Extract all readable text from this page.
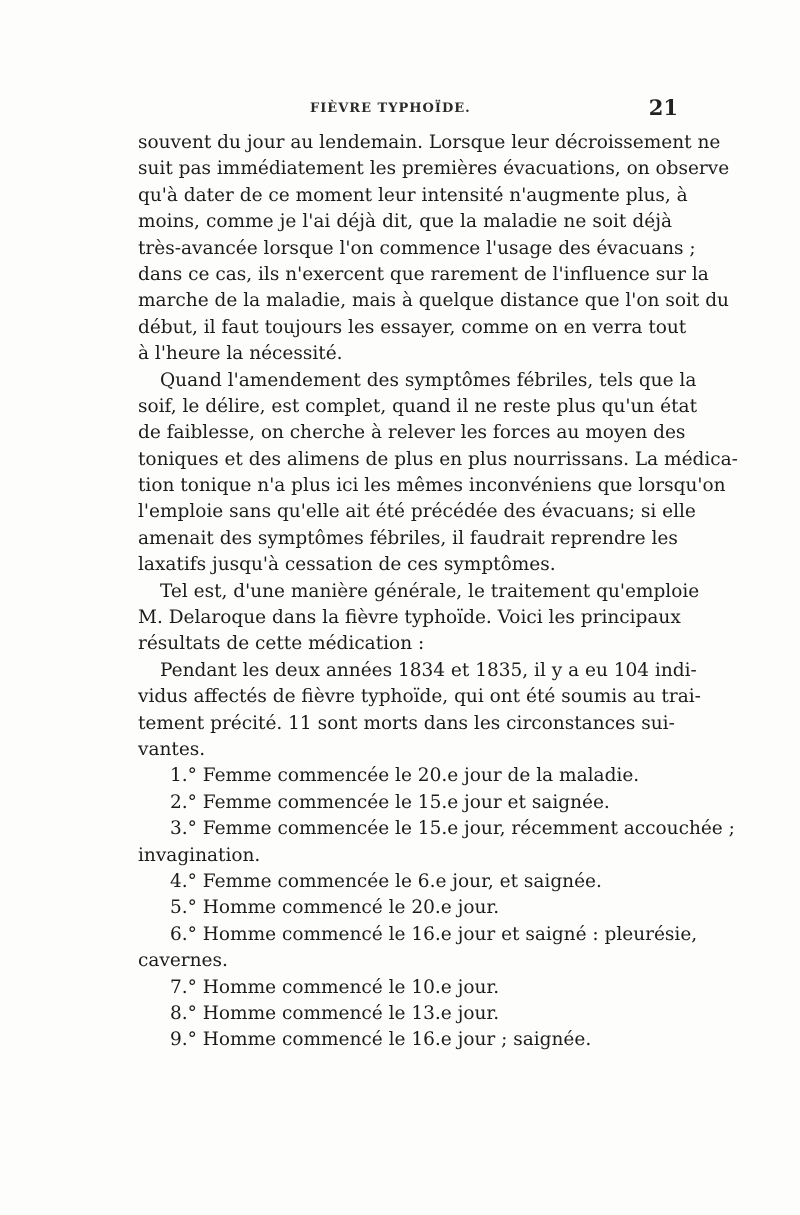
FIÈVRE TYPHOÏDE.	21
souvent du jour au lendemain. Lorsque leur décroissement ne
suit pas immédiatement les premières évacuations, on observe
qu'à dater de ce moment leur intensité n'augmente plus, à
moins, comme je l'ai déjà dit, que la maladie ne soit déjà
très-avancée lorsque l'on commence l'usage des évacuans ;
dans ce cas, ils n'exercent que rarement de l'influence sur la
marche de la maladie, mais à quelque distance que l'on soit du
début, il faut toujours les essayer, comme on en verra tout
à l'heure la nécessité.
Quand l'amendement des symptômes fébriles, tels que la
soif, le délire, est complet, quand il ne reste plus qu'un état
de faiblesse, on cherche à relever les forces au moyen des
toniques et des alimens de plus en plus nourrissans. La médica-
tion tonique n'a plus ici les mêmes inconvéniens que lorsqu'on
l'emploie sans qu'elle ait été précédée des évacuans; si elle
amenait des symptômes fébriles, il faudrait reprendre les
laxatifs jusqu'à cessation de ces symptômes.
Tel est, d'une manière générale, le traitement qu'emploie
M. Delaroque dans la fièvre typhoïde. Voici les principaux
résultats de cette médication :
Pendant les deux années 1834 et 1835, il y a eu 104 indi-
vidus affectés de fièvre typhoïde, qui ont été soumis au trai-
tement précité. 11 sont morts dans les circonstances sui-
vantes.
1.° Femme commencée le 20.e jour de la maladie.
2.° Femme commencée le 15.e jour et saignée.
3.° Femme commencée le 15.e jour, récemment accouchée ;
invagination.
4.° Femme commencée le 6.e jour, et saignée.
5.° Homme commencé le 20.e jour.
6.° Homme commencé le 16.e jour et saigné : pleurésie,
cavernes.
7.° Homme commencé le 10.e jour.
8.° Homme commencé le 13.e jour.
9.° Homme commencé le 16.e jour ; saignée.
